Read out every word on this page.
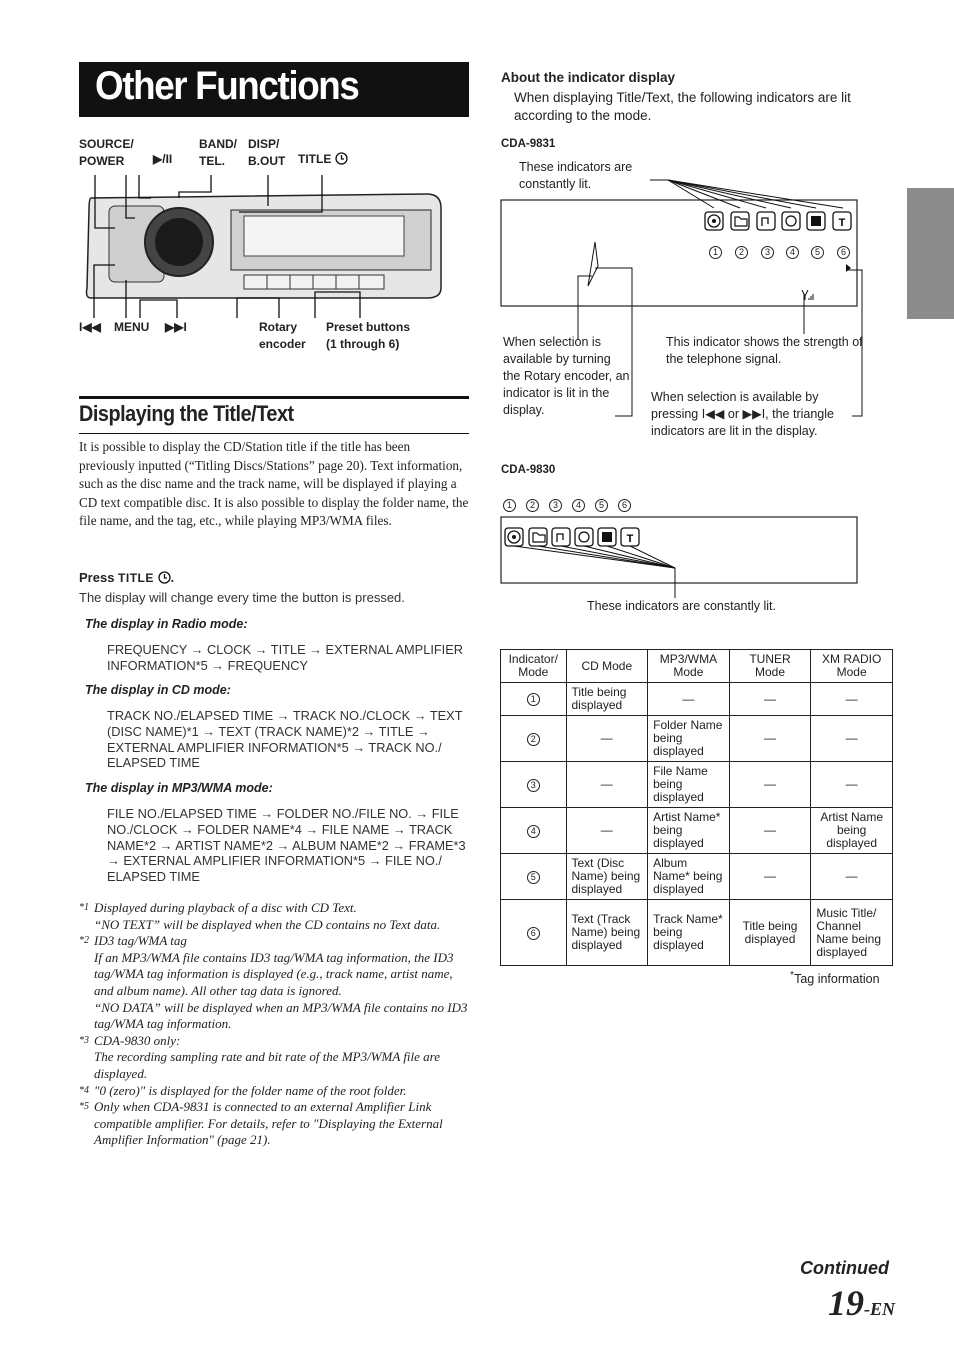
Other Functions
SOURCE/
POWER	▶/II
BAND/
TEL.
DISP/
B.OUT TITLE
I◀◀ MENU ▶▶I	Rotary
encoder
Preset buttons
(1 through 6)
Displaying the Title/Text
It is possible to display the CD/Station title if the title has been previously inputted (“Titling Discs/Stations” page 20). Text information, such as the disc name and the track name, will be displayed if playing a CD text compatible disc. It is also possible to display the folder name, the file name, and the tag, etc., while playing MP3/WMA files.
Press TITLE .
The display will change every time the button is pressed.
The display in Radio mode:
FREQUENCY → CLOCK → TITLE → EXTERNAL AMPLIFIER INFORMATION*5 → FREQUENCY
The display in CD mode:
TRACK NO./ELAPSED TIME → TRACK NO./CLOCK → TEXT (DISC NAME)*1 → TEXT (TRACK NAME)*2 → TITLE → EXTERNAL AMPLIFIER INFORMATION*5 → TRACK NO./ ELAPSED TIME
The display in MP3/WMA mode:
FILE NO./ELAPSED TIME → FOLDER NO./FILE NO. → FILE NO./CLOCK → FOLDER NAME*4 → FILE NAME → TRACK NAME*2 → ARTIST NAME*2 → ALBUM NAME*2 → FRAME*3 → EXTERNAL AMPLIFIER INFORMATION*5 → FILE NO./ ELAPSED TIME
*1 Displayed during playback of a disc with CD Text.
“NO TEXT” will be displayed when the CD contains no Text data.
*2 ID3 tag/WMA tag
If an MP3/WMA file contains ID3 tag/WMA tag information, the ID3 tag/WMA tag information is displayed (e.g., track name, artist name, and album name). All other tag data is ignored.
“NO DATA” will be displayed when an MP3/WMA file contains no ID3 tag/WMA tag information.
*3 CDA-9830 only:
The recording sampling rate and bit rate of the MP3/WMA file are displayed.
*4 "0 (zero)" is displayed for the folder name of the root folder.
*5 Only when CDA-9831 is connected to an external Amplifier Link compatible amplifier. For details, refer to "Displaying the External Amplifier Information" (page 21).
About the indicator display
When displaying Title/Text, the following indicators are lit according to the mode.
CDA-9831
These indicators are constantly lit.
T
1 2 3 4 5 6
When selection is available by turning the Rotary encoder, an indicator is lit in the display.
This indicator shows the strength of the telephone signal.
When selection is available by pressing I◀◀ or ▶▶I, the triangle indicators are lit in the display.
CDA-9830
1 2 3 4 5 6
T
These indicators are constantly lit.
Indicator/ Mode	CD Mode	MP3/WMA Mode	TUNER Mode	XM RADIO Mode
1	Title being displayed	—	—	—
2	—	Folder Name being displayed	—	—
3	—	File Name being displayed	—	—
4	—	Artist Name* being displayed	—	Artist Name being displayed
5	Text (Disc Name) being displayed	Album Name* being displayed	—	—
6	Text (Track Name) being displayed	Track Name* being displayed	Title being displayed	Music Title/ Channel Name being displayed
*Tag information
Continued
19-EN
